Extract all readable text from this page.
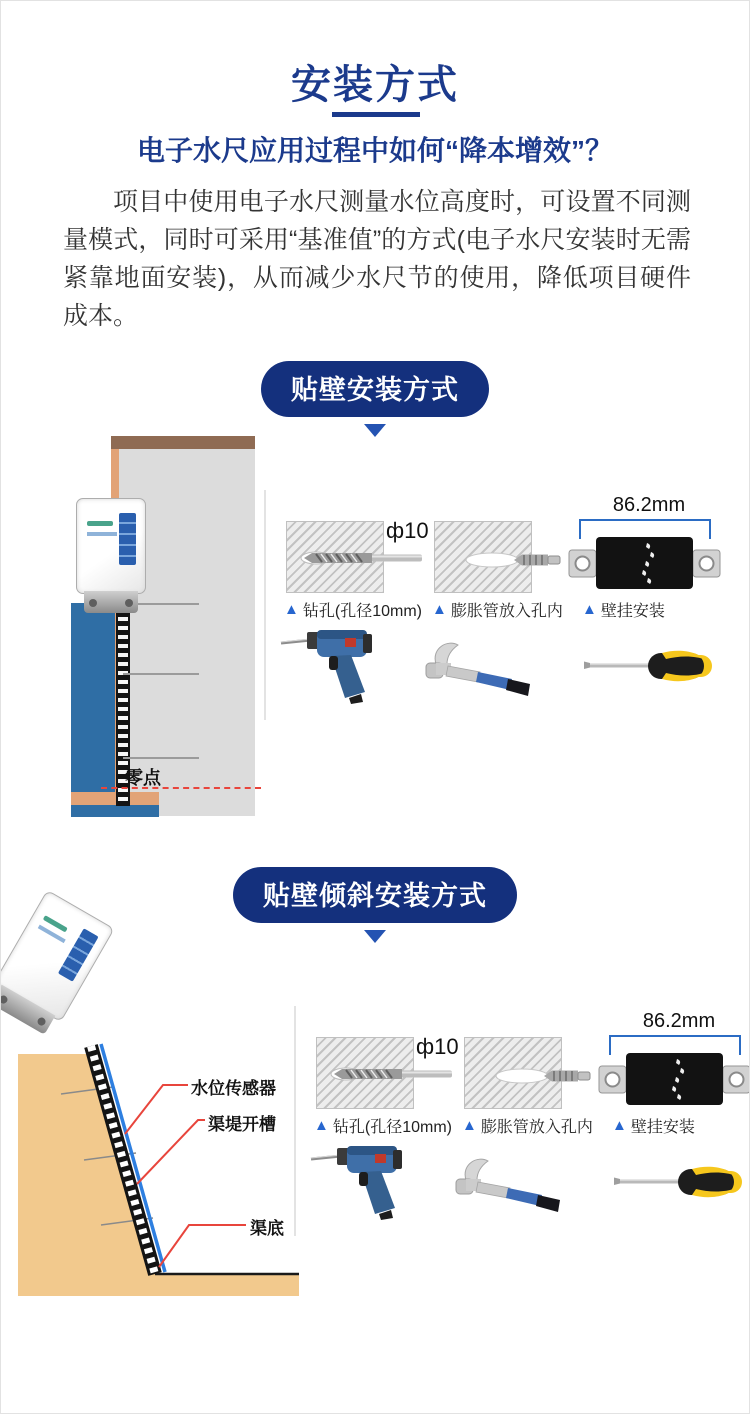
安装方式
电子水尺应用过程中如何“降本增效”？
项目中使用电子水尺测量水位高度时，可设置不同测量模式，同时可采用“基准值”的方式(电子水尺安装时无需紧靠地面安装)，从而减少水尺节的使用，降低项目硬件成本。
贴壁安装方式
零点
ф10
▲ 钻孔(孔径10mm) ▲ 膨胀管放入孔内
86.2mm
▲ 壁挂安装
贴壁倾斜安装方式
水位传感器
渠堤开槽
渠底
ф10
▲ 钻孔(孔径10mm) ▲ 膨胀管放入孔内
86.2mm
▲ 壁挂安装
